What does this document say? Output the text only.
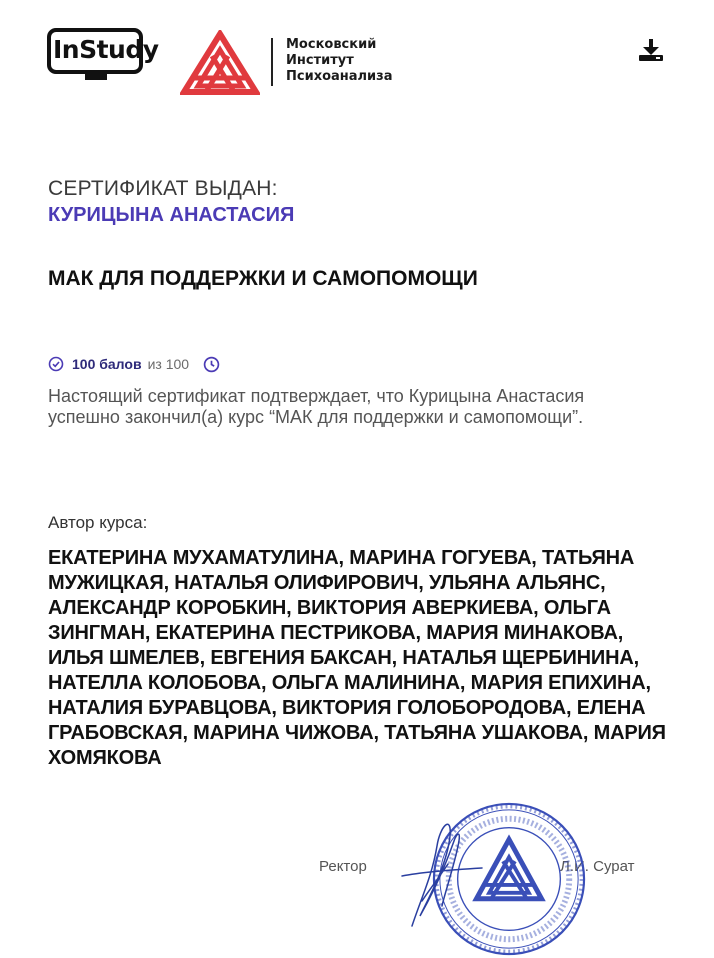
InStudy	Московский
Институт
Психоанализа
СЕРТИФИКАТ ВЫДАН:
КУРИЦЫНА АНАСТАСИЯ
МАК ДЛЯ ПОДДЕРЖКИ И САМОПОМОЩИ
100 балов из 100
Настоящий сертификат подтверждает, что Курицына Анастасия успешно закончил(а) курс “МАК для поддержки и самопомощи”.
Автор курса:
ЕКАТЕРИНА МУХАМАТУЛИНА, МАРИНА ГОГУЕВА, ТАТЬЯНА МУЖИЦКАЯ, НАТАЛЬЯ ОЛИФИРОВИЧ, УЛЬЯНА АЛЬЯНС, АЛЕКСАНДР КОРОБКИН, ВИКТОРИЯ АВЕРКИЕВА, ОЛЬГА ЗИНГМАН, ЕКАТЕРИНА ПЕСТРИКОВА, МАРИЯ МИНАКОВА, ИЛЬЯ ШМЕЛЕВ, ЕВГЕНИЯ БАКСАН, НАТАЛЬЯ ЩЕРБИНИНА, НАТЕЛЛА КОЛОБОВА, ОЛЬГА МАЛИНИНА, МАРИЯ ЕПИХИНА, НАТАЛИЯ БУРАВЦОВА, ВИКТОРИЯ ГОЛОБОРОДОВА, ЕЛЕНА ГРАБОВСКАЯ, МАРИНА ЧИЖОВА, ТАТЬЯНА УШАКОВА, МАРИЯ ХОМЯКОВА
Ректор	Л.И. Сурат
